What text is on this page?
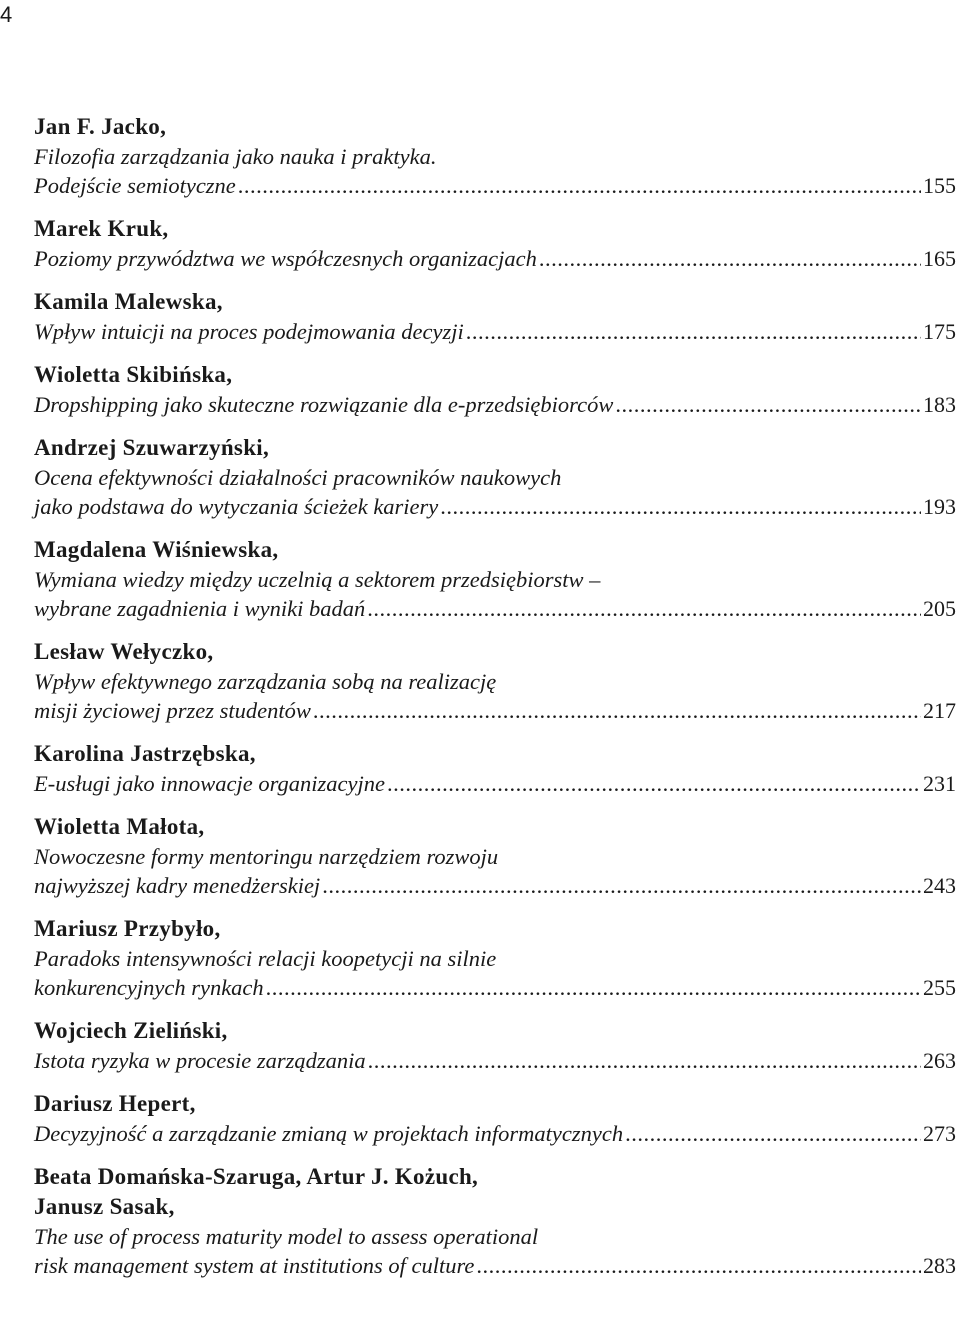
4
Jan F. Jacko,
Filozofia zarządzania jako nauka i praktyka.
Podejście semiotyczne .....	155
Marek Kruk,
Poziomy przywództwa we współczesnych organizacjach .....	165
Kamila Malewska,
Wpływ intuicji na proces podejmowania decyzji .....	175
Wioletta Skibińska,
Dropshipping jako skuteczne rozwiązanie dla e-przedsiębiorców .....	183
Andrzej Szuwarzyński,
Ocena efektywności działalności pracowników naukowych
jako podstawa do wytyczania ścieżek kariery .....	193
Magdalena Wiśniewska,
Wymiana wiedzy między uczelnią a sektorem przedsiębiorstw –
wybrane zagadnienia i wyniki badań .....	205
Lesław Wełyczko,
Wpływ efektywnego zarządzania sobą na realizację
misji życiowej przez studentów .....	217
Karolina Jastrzębska,
E-usługi jako innowacje organizacyjne .....	231
Wioletta Małota,
Nowoczesne formy mentoringu narzędziem rozwoju
najwyższej kadry menedżerskiej .....	243
Mariusz Przybyło,
Paradoks intensywności relacji koopetycji na silnie
konkurencyjnych rynkach .....	255
Wojciech Zieliński,
Istota ryzyka w procesie zarządzania .....	263
Dariusz Hepert,
Decyzyjność a zarządzanie zmianą w projektach informatycznych .....	273
Beata Domańska-Szaruga, Artur J. Kożuch,
Janusz Sasak,
The use of process maturity model to assess operational
risk management system at institutions of culture .....	283
